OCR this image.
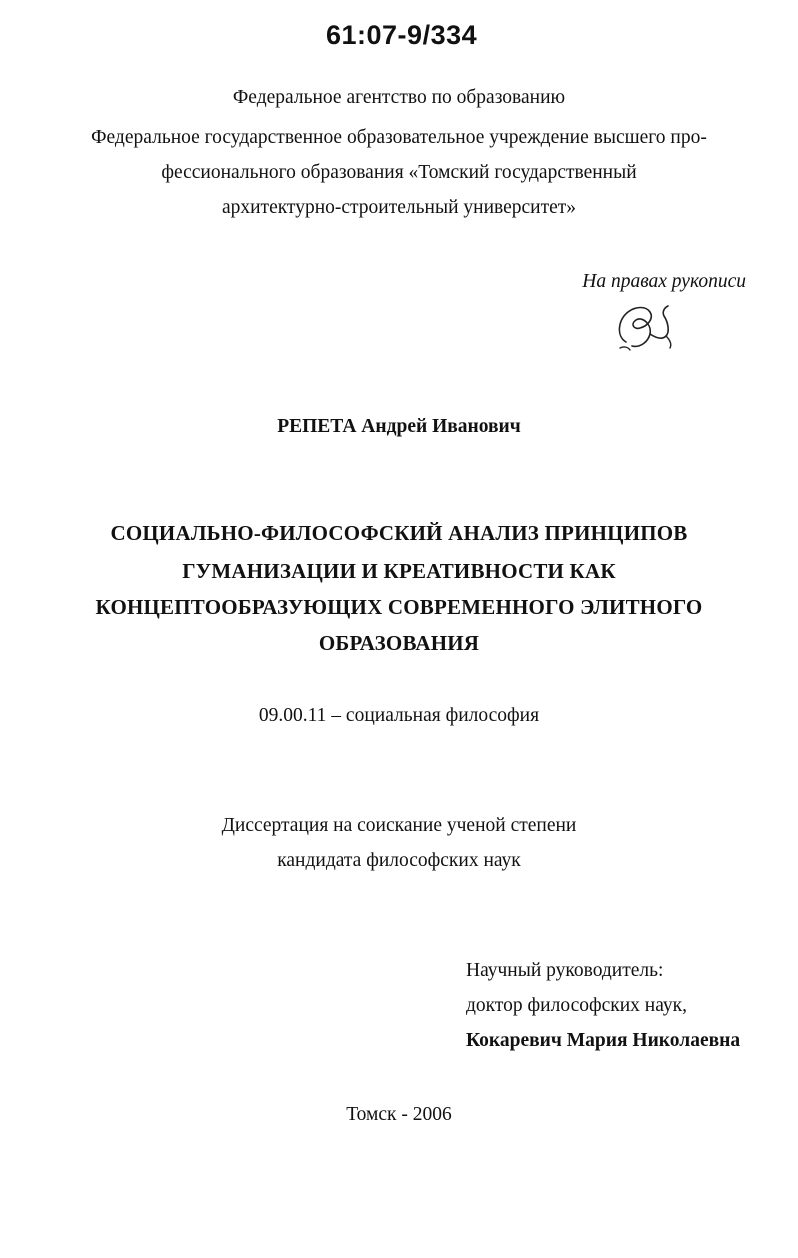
61:07-9/334
Федеральное агентство по образованию
Федеральное государственное образовательное учреждение высшего про-
фессионального образования «Томский государственный
архитектурно-строительный университет»
На правах рукописи
РЕПЕТА Андрей Иванович
СОЦИАЛЬНО-ФИЛОСОФСКИЙ АНАЛИЗ ПРИНЦИПОВ
ГУМАНИЗАЦИИ И КРЕАТИВНОСТИ КАК
КОНЦЕПТООБРАЗУЮЩИХ СОВРЕМЕННОГО ЭЛИТНОГО
ОБРАЗОВАНИЯ
09.00.11 – социальная философия
Диссертация на соискание ученой степени
кандидата философских наук
Научный руководитель:
доктор философских наук,
Кокаревич Мария Николаевна
Томск - 2006
